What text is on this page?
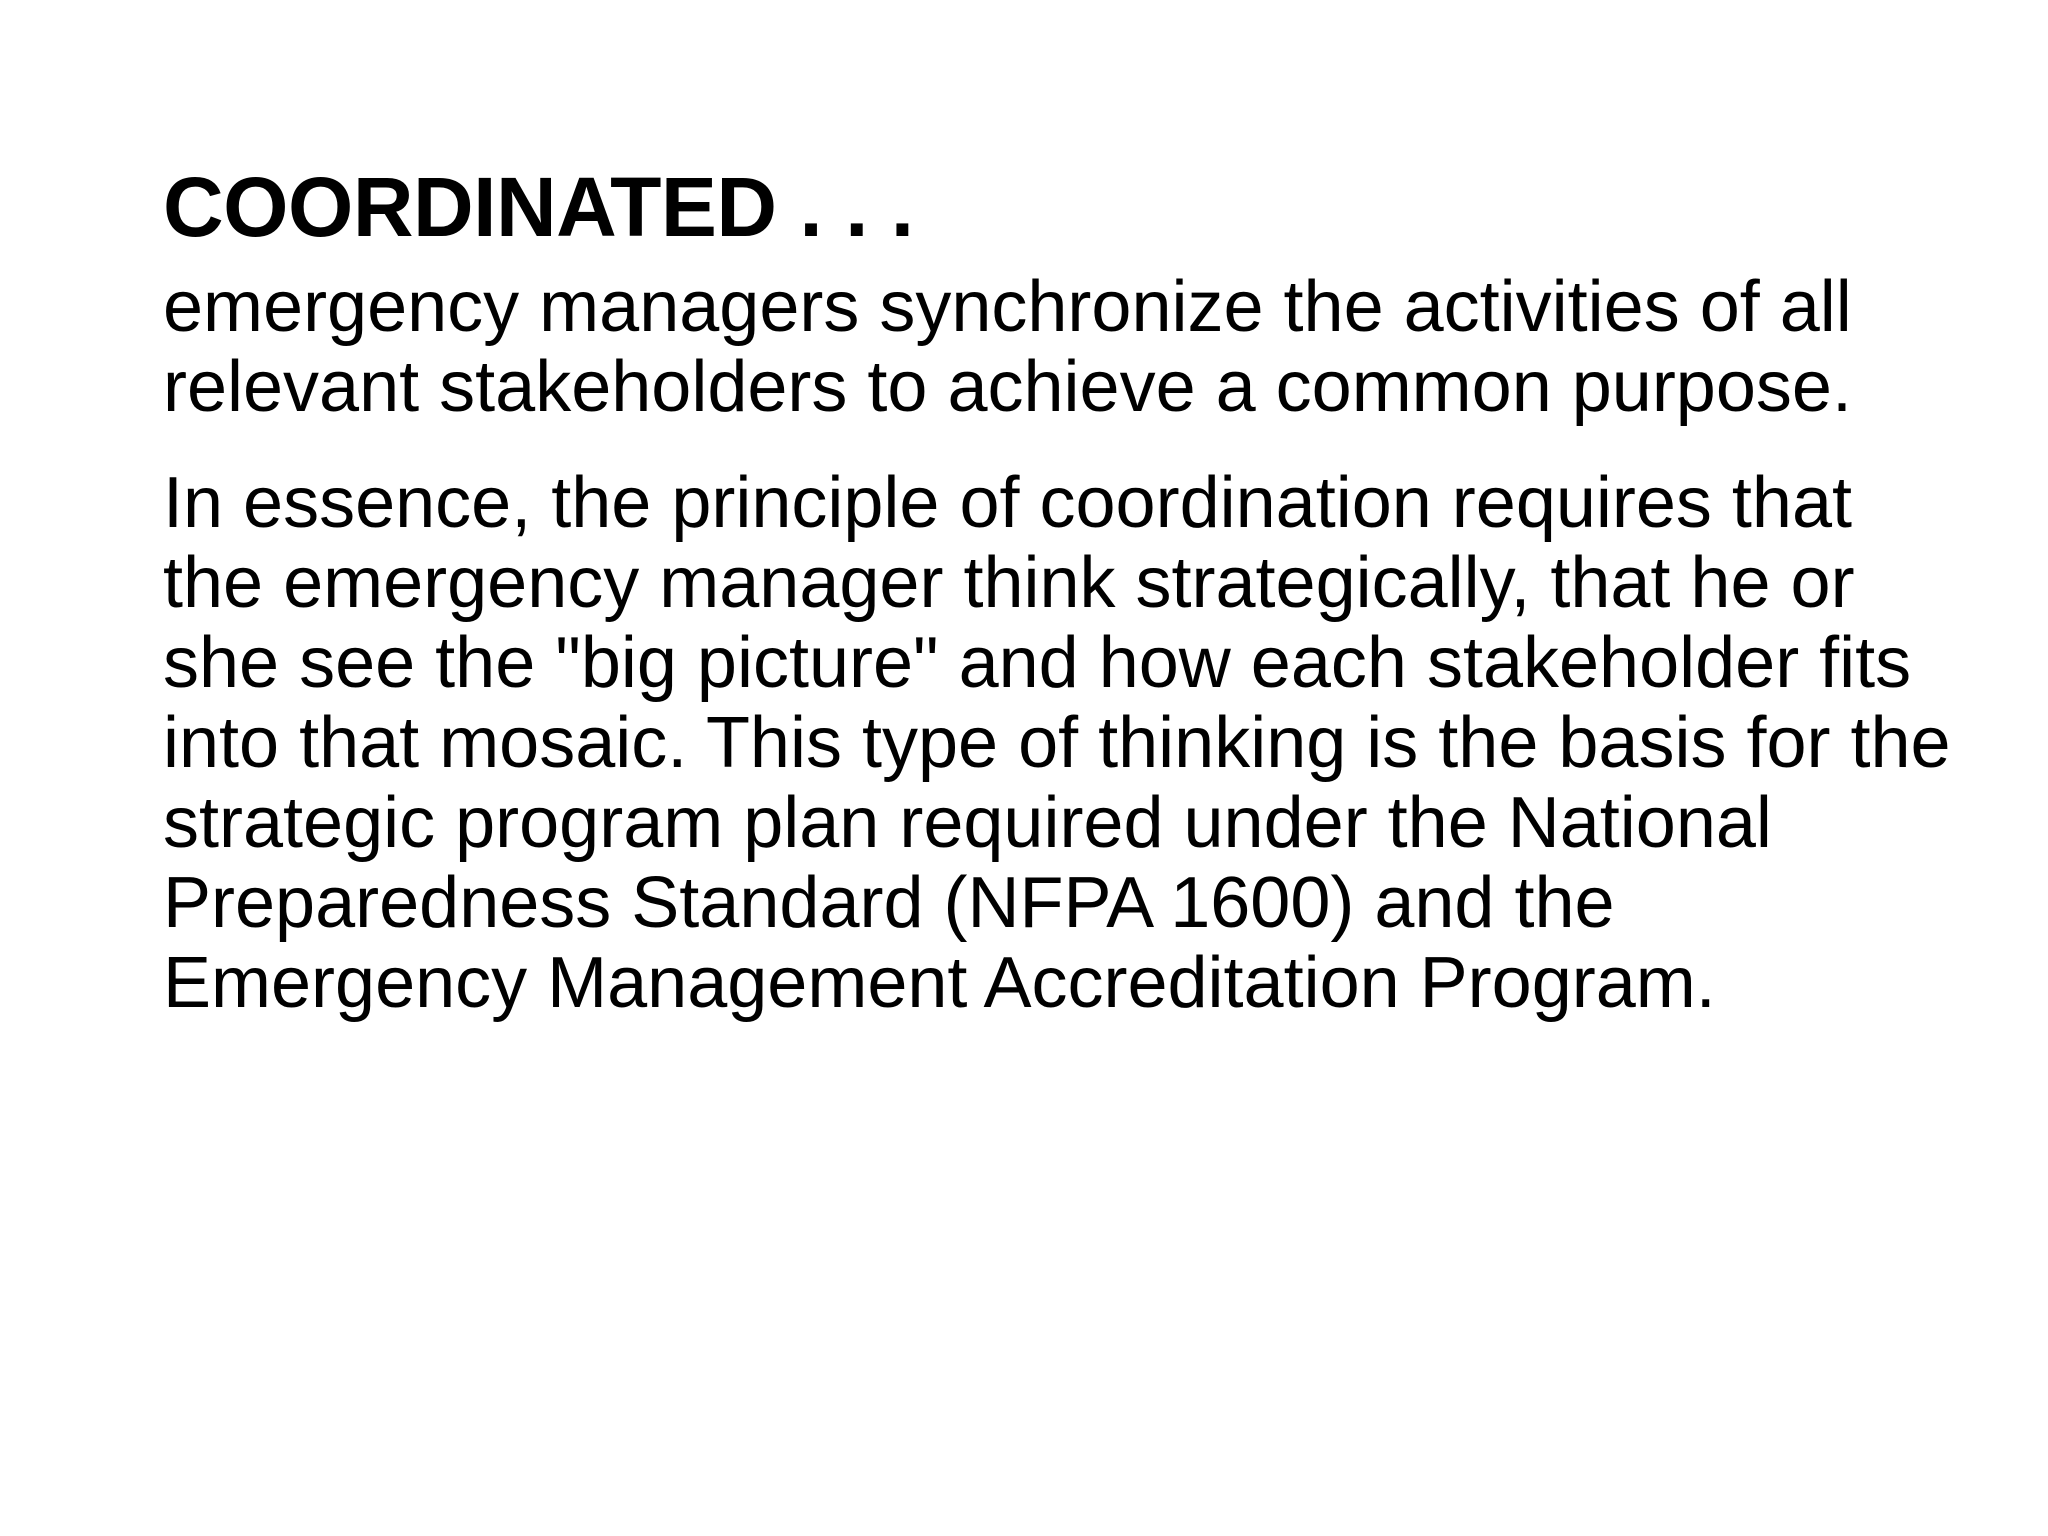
COORDINATED . . .

emergency managers synchronize the activities of all relevant stakeholders to achieve a common purpose.

In essence, the principle of coordination requires that the emergency manager think strategically, that he or she see the "big picture" and how each stakeholder fits into that mosaic. This type of thinking is the basis for the strategic program plan required under the National Preparedness Standard (NFPA 1600) and the Emergency Management Accreditation Program.
